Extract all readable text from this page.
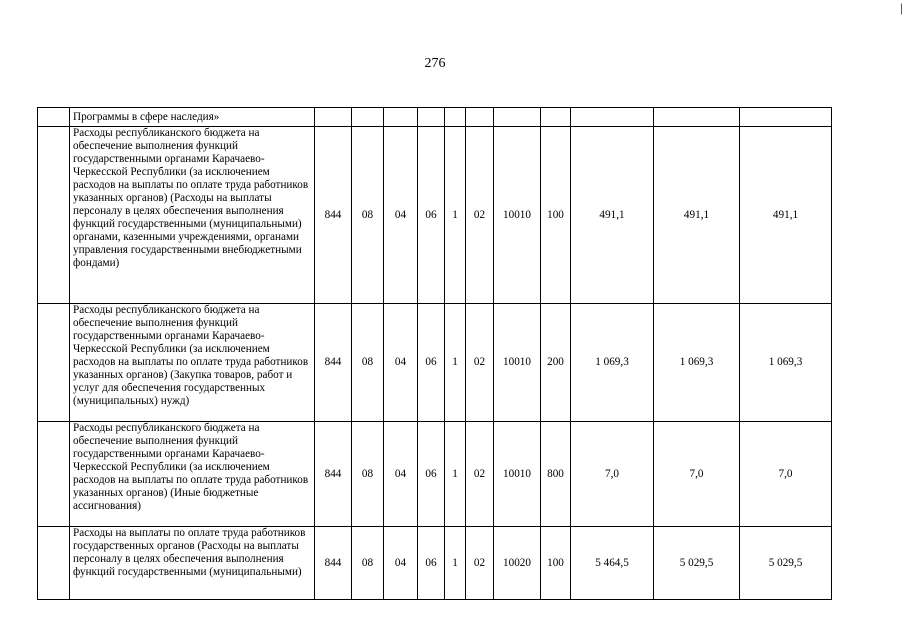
276
|
	Программы в сфере наследия»											
	Расходы республиканского бюджета на обеспечение выполнения функций государственными органами Карачаево-Черкесской Республики (за исключением расходов на выплаты по оплате труда работников указанных органов) (Расходы на выплаты персоналу в целях обеспечения выполнения функций государственными (муниципальными) органами, казенными учреждениями, органами управления государственными внебюджетными фондами)	844	08	04	06	1	02	10010	100	491,1	491,1	491,1
	Расходы республиканского бюджета на обеспечение выполнения функций государственными органами Карачаево-Черкесской Республики (за исключением расходов на выплаты по оплате труда работников указанных органов) (Закупка товаров, работ и услуг для обеспечения государственных (муниципальных) нужд)	844	08	04	06	1	02	10010	200	1 069,3	1 069,3	1 069,3
	Расходы республиканского бюджета на обеспечение выполнения функций государственными органами Карачаево-Черкесской Республики (за исключением расходов на выплаты по оплате труда работников указанных органов) (Иные бюджетные ассигнования)	844	08	04	06	1	02	10010	800	7,0	7,0	7,0
	Расходы на выплаты по оплате труда работников государственных органов (Расходы на выплаты персоналу в целях обеспечения выполнения функций государственными (муниципальными)	844	08	04	06	1	02	10020	100	5 464,5	5 029,5	5 029,5
